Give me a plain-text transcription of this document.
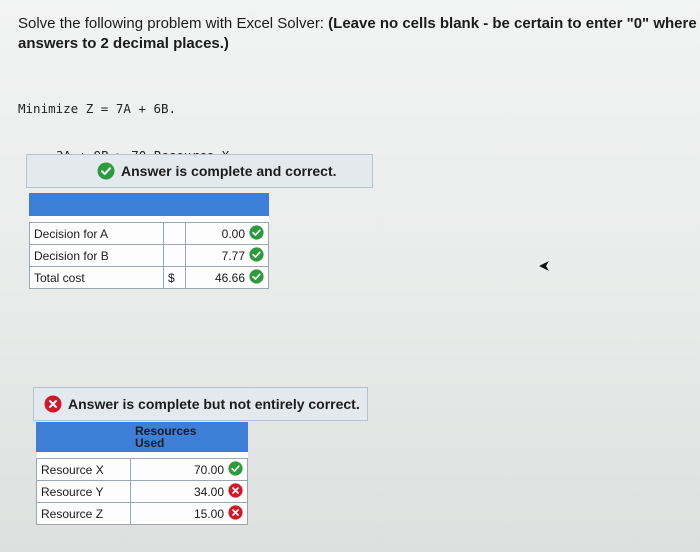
Solve the following problem with Excel Solver: (Leave no cells blank - be certain to enter "0" where
answers to 2 decimal places.)

Minimize Z = 7A + 6B.

Answer is complete and correct.

Decision for A		0.00

Decision for B		7.77

Total cost	$	46.66
Answer is complete but not entirely correct.
	Resources
Used

Resource X	70.00

Resource Y	34.00

Resource Z	15.00
